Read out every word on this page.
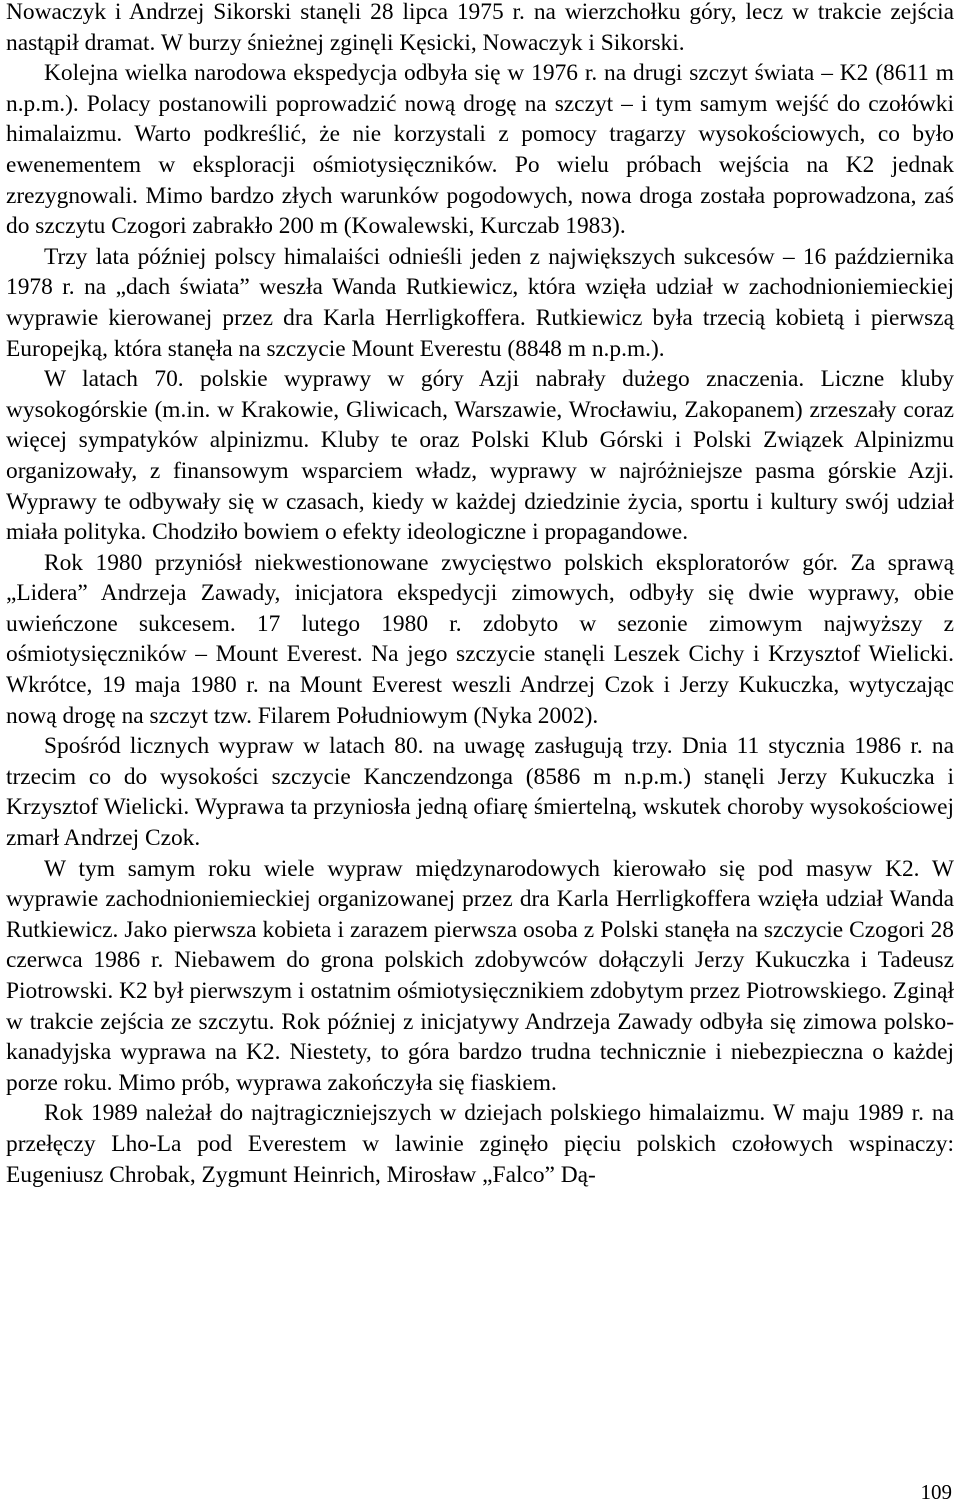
Nowaczyk i Andrzej Sikorski stanęli 28 lipca 1975 r. na wierzchołku góry, lecz w trakcie zejścia nastąpił dramat. W burzy śnieżnej zginęli Kęsicki, Nowaczyk i Sikorski.

Kolejna wielka narodowa ekspedycja odbyła się w 1976 r. na drugi szczyt świata – K2 (8611 m n.p.m.). Polacy postanowili poprowadzić nową drogę na szczyt – i tym samym wejść do czołówki himalaizmu. Warto podkreślić, że nie korzystali z pomocy tragarzy wysokościowych, co było ewenementem w eksploracji ośmiotysięczników. Po wielu próbach wejścia na K2 jednak zrezygnowali. Mimo bardzo złych warunków pogodowych, nowa droga została poprowadzona, zaś do szczytu Czogori zabrakło 200 m (Kowalewski, Kurczab 1983).

Trzy lata później polscy himalaiści odnieśli jeden z największych sukcesów – 16 października 1978 r. na „dach świata” weszła Wanda Rutkiewicz, która wzięła udział w zachodnioniemieckiej wyprawie kierowanej przez dra Karla Herrligkoffera. Rutkiewicz była trzecią kobietą i pierwszą Europejką, która stanęła na szczycie Mount Everestu (8848 m n.p.m.).

W latach 70. polskie wyprawy w góry Azji nabrały dużego znaczenia. Liczne kluby wysokogórskie (m.in. w Krakowie, Gliwicach, Warszawie, Wrocławiu, Zakopanem) zrzeszały coraz więcej sympatyków alpinizmu. Kluby te oraz Polski Klub Górski i Polski Związek Alpinizmu organizowały, z finansowym wsparciem władz, wyprawy w najróżniejsze pasma górskie Azji. Wyprawy te odbywały się w czasach, kiedy w każdej dziedzinie życia, sportu i kultury swój udział miała polityka. Chodziło bowiem o efekty ideologiczne i propagandowe.

Rok 1980 przyniósł niekwestionowane zwycięstwo polskich eksploratorów gór. Za sprawą „Lidera” Andrzeja Zawady, inicjatora ekspedycji zimowych, odbyły się dwie wyprawy, obie uwieńczone sukcesem. 17 lutego 1980 r. zdobyto w sezonie zimowym najwyższy z ośmiotysięczników – Mount Everest. Na jego szczycie stanęli Leszek Cichy i Krzysztof Wielicki. Wkrótce, 19 maja 1980 r. na Mount Everest weszli Andrzej Czok i Jerzy Kukuczka, wytyczając nową drogę na szczyt tzw. Filarem Południowym (Nyka 2002).

Spośród licznych wypraw w latach 80. na uwagę zasługują trzy. Dnia 11 stycznia 1986 r. na trzecim co do wysokości szczycie Kanczendzonga (8586 m n.p.m.) stanęli Jerzy Kukuczka i Krzysztof Wielicki. Wyprawa ta przyniosła jedną ofiarę śmiertelną, wskutek choroby wysokościowej zmarł Andrzej Czok.

W tym samym roku wiele wypraw międzynarodowych kierowało się pod masyw K2. W wyprawie zachodnioniemieckiej organizowanej przez dra Karla Herrligkoffera wzięła udział Wanda Rutkiewicz. Jako pierwsza kobieta i zarazem pierwsza osoba z Polski stanęła na szczycie Czogori 28 czerwca 1986 r. Niebawem do grona polskich zdobywców dołączyli Jerzy Kukuczka i Tadeusz Piotrowski. K2 był pierwszym i ostatnim ośmiotysięcznikiem zdobytym przez Piotrowskiego. Zginął w trakcie zejścia ze szczytu. Rok później z inicjatywy Andrzeja Zawady odbyła się zimowa polsko-kanadyjska wyprawa na K2. Niestety, to góra bardzo trudna technicznie i niebezpieczna o każdej porze roku. Mimo prób, wyprawa zakończyła się fiaskiem.

Rok 1989 należał do najtragiczniejszych w dziejach polskiego himalaizmu. W maju 1989 r. na przełęczy Lho-La pod Everestem w lawinie zginęło pięciu polskich czołowych wspinaczy: Eugeniusz Chrobak, Zygmunt Heinrich, Mirosław „Falco” Dą-

109
